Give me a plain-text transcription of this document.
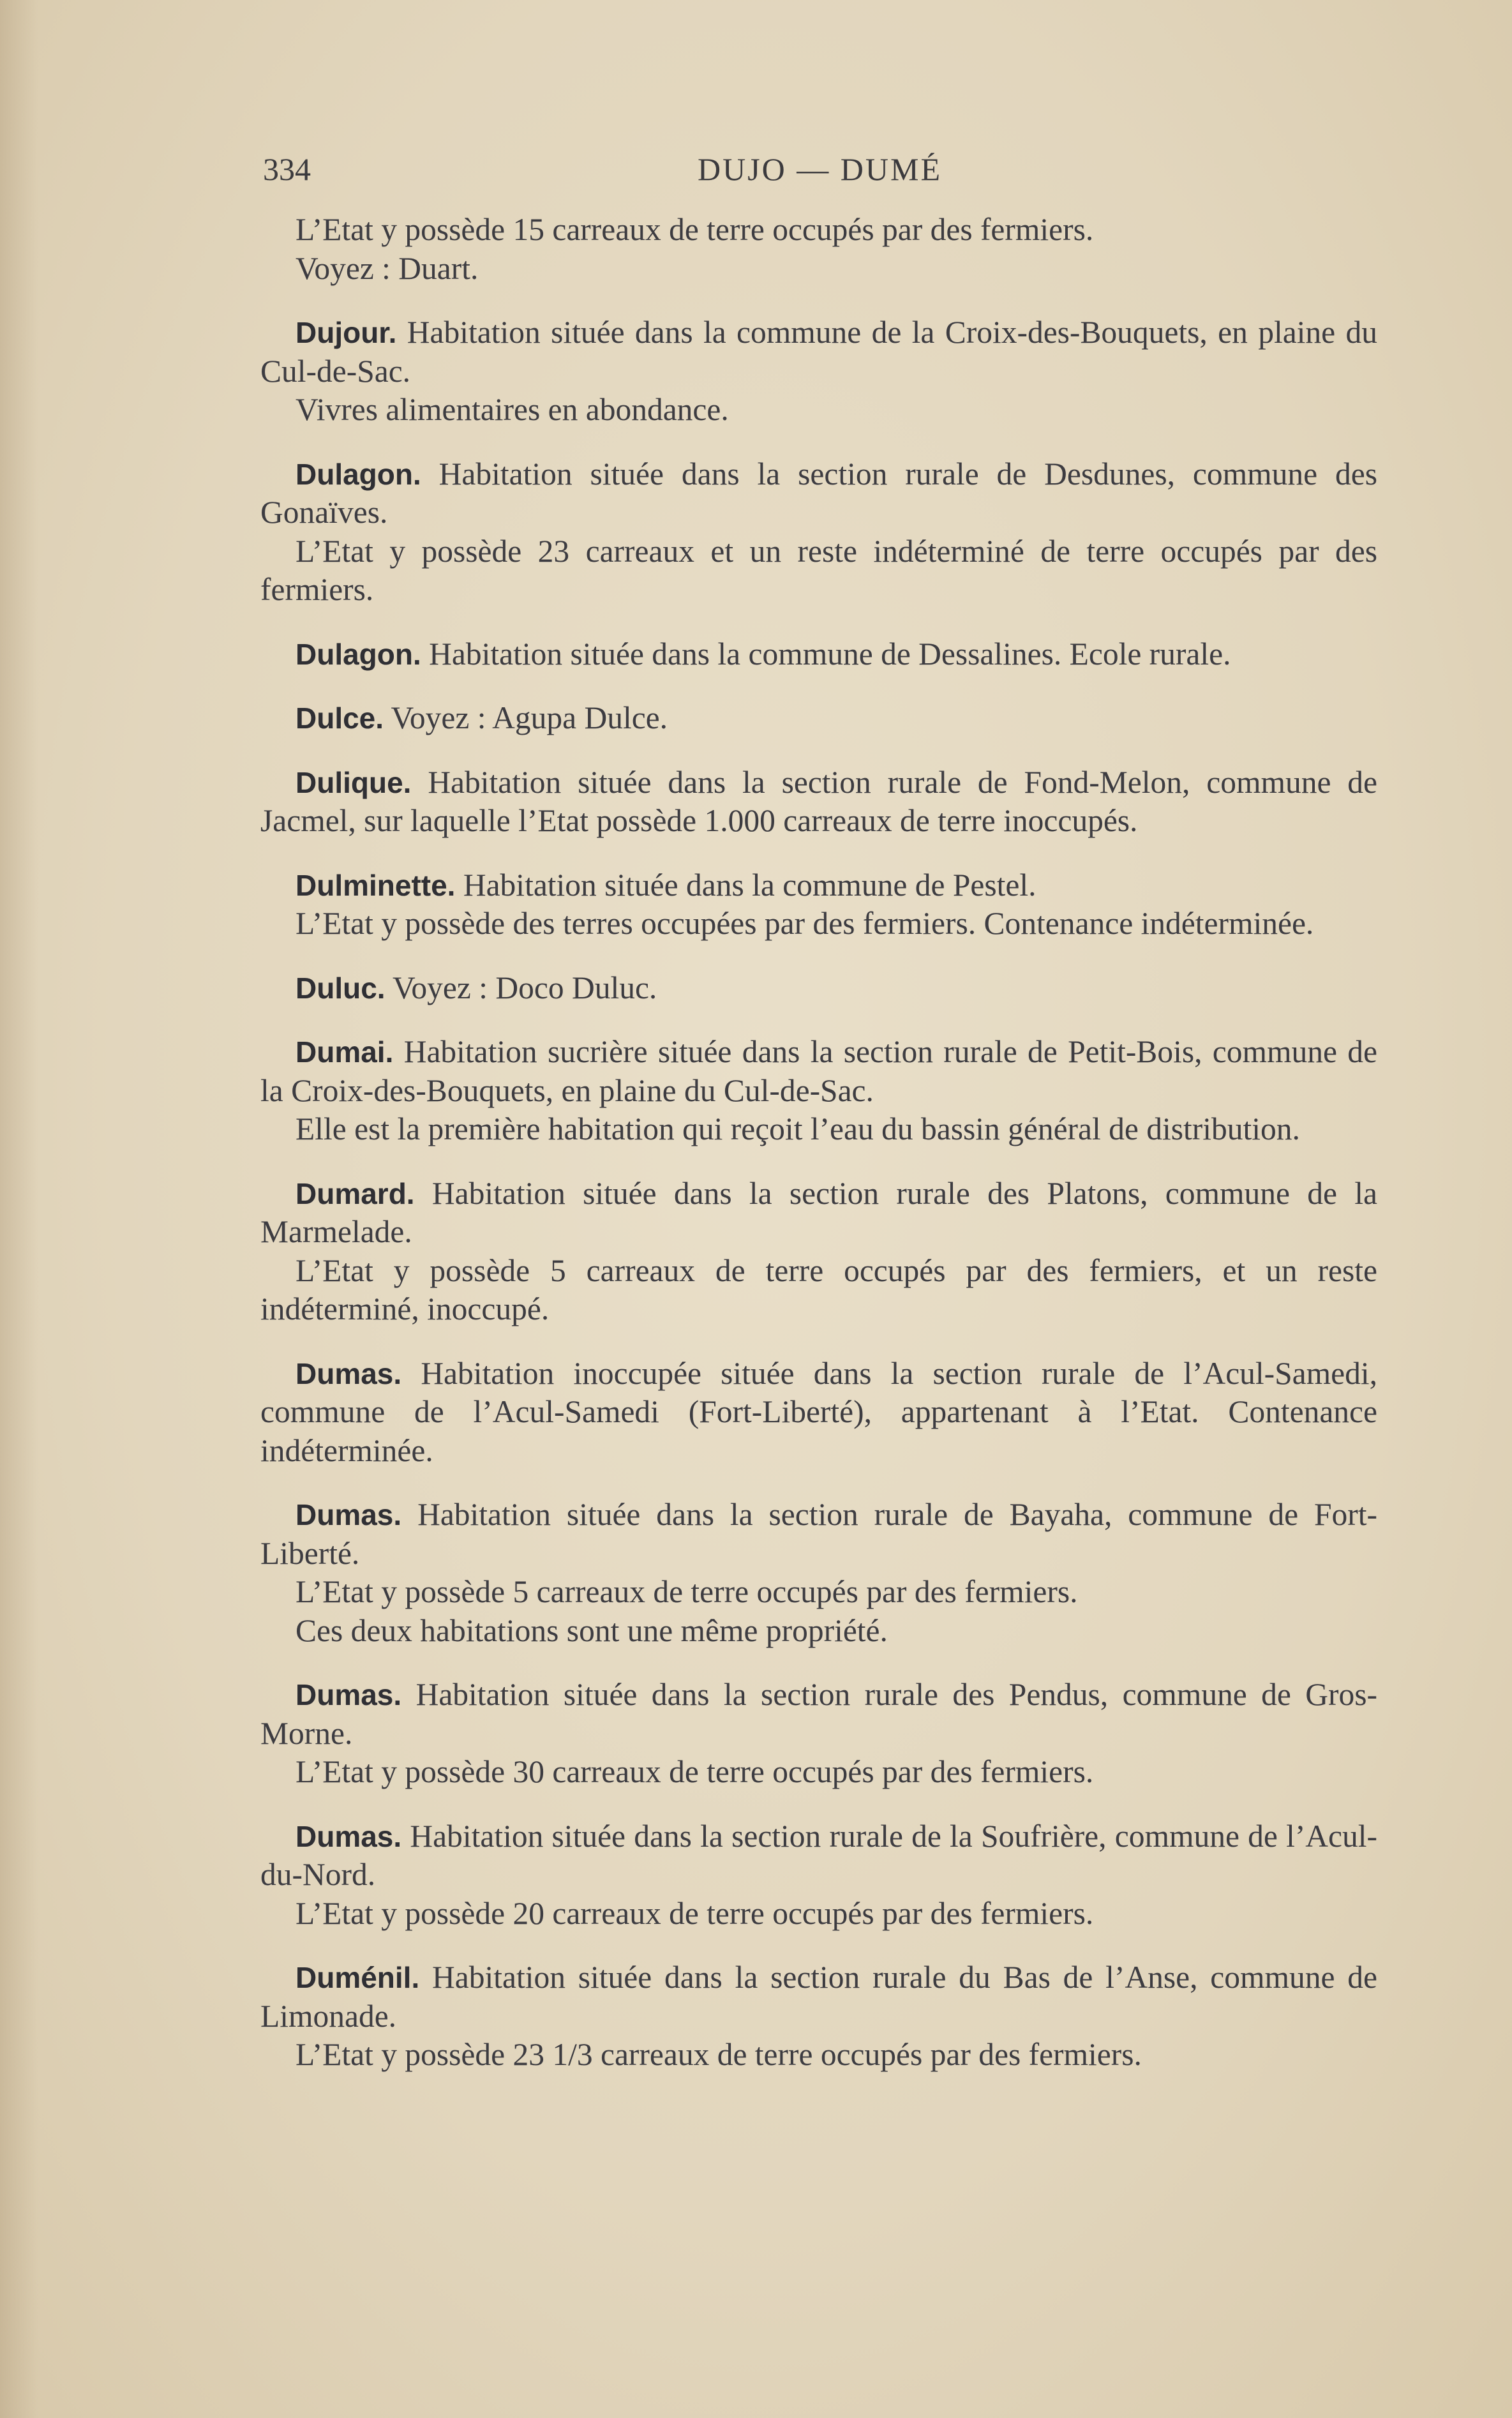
334	DUJO — DUMÉ

L’Etat y possède 15 carreaux de terre occupés par des fermiers.

Voyez : Duart.

Dujour. Habitation située dans la commune de la Croix-des-Bouquets, en plaine du Cul-de-Sac.

Vivres alimentaires en abondance.

Dulagon. Habitation située dans la section rurale de Desdunes, commune des Gonaïves.

L’Etat y possède 23 carreaux et un reste indéterminé de terre occupés par des fermiers.

Dulagon. Habitation située dans la commune de Dessalines. Ecole rurale.

Dulce. Voyez : Agupa Dulce.

Dulique. Habitation située dans la section rurale de Fond-Melon, commune de Jacmel, sur laquelle l’Etat possède 1.000 carreaux de terre inoccupés.

Dulminette. Habitation située dans la commune de Pestel.

L’Etat y possède des terres occupées par des fermiers. Contenance indéterminée.

Duluc. Voyez : Doco Duluc.

Dumai. Habitation sucrière située dans la section rurale de Petit-Bois, commune de la Croix-des-Bouquets, en plaine du Cul-de-Sac.

Elle est la première habitation qui reçoit l’eau du bassin général de distribution.

Dumard. Habitation située dans la section rurale des Platons, commune de la Marmelade.

L’Etat y possède 5 carreaux de terre occupés par des fermiers, et un reste indéterminé, inoccupé.

Dumas. Habitation inoccupée située dans la section rurale de l’Acul-Samedi, commune de l’Acul-Samedi (Fort-Liberté), appartenant à l’Etat. Contenance indéterminée.

Dumas. Habitation située dans la section rurale de Bayaha, commune de Fort-Liberté.

L’Etat y possède 5 carreaux de terre occupés par des fermiers.

Ces deux habitations sont une même propriété.

Dumas. Habitation située dans la section rurale des Pendus, commune de Gros-Morne.

L’Etat y possède 30 carreaux de terre occupés par des fermiers.

Dumas. Habitation située dans la section rurale de la Soufrière, commune de l’Acul-du-Nord.

L’Etat y possède 20 carreaux de terre occupés par des fermiers.

Duménil. Habitation située dans la section rurale du Bas de l’Anse, commune de Limonade.

L’Etat y possède 23 1/3 carreaux de terre occupés par des fermiers.
